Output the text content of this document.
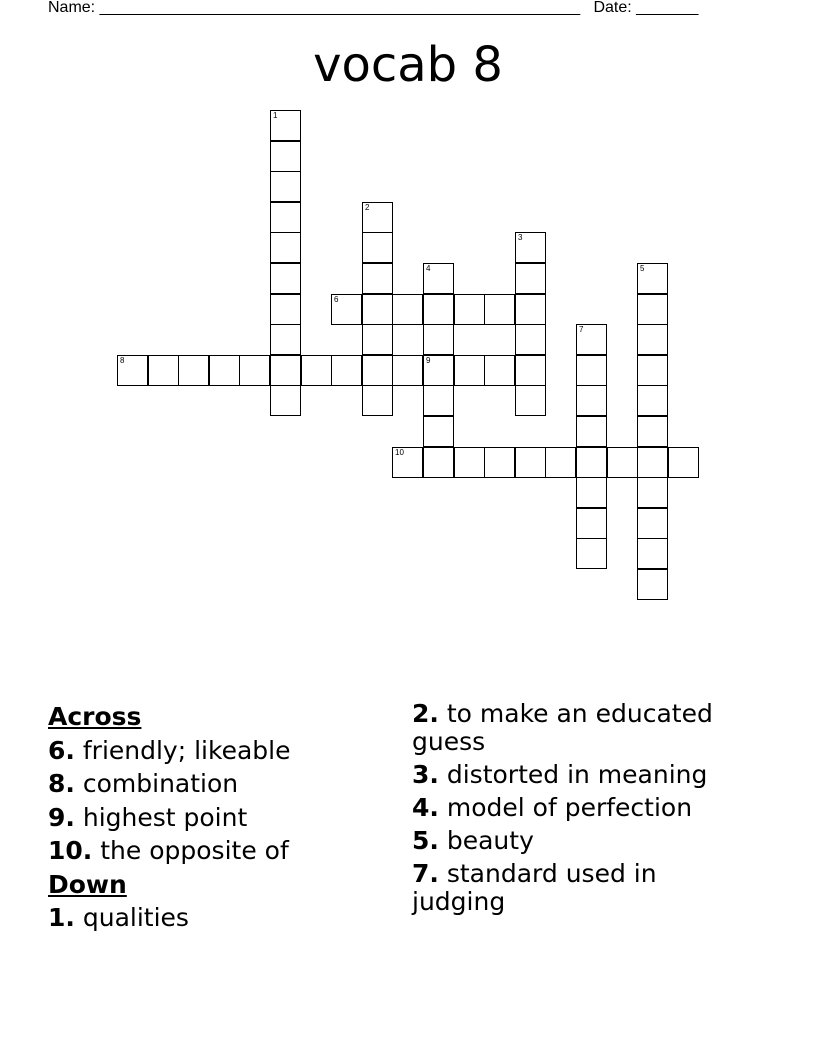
Name: ______________________________________________________ Date: _______
vocab 8
1
2
3
4
9
5
6
7
8
10
Across
6. friendly; likeable
8. combination
9. highest point
10. the opposite of
Down
1. qualities
2. to make an educated guess
3. distorted in meaning
4. model of perfection
5. beauty
7. standard used in judging
